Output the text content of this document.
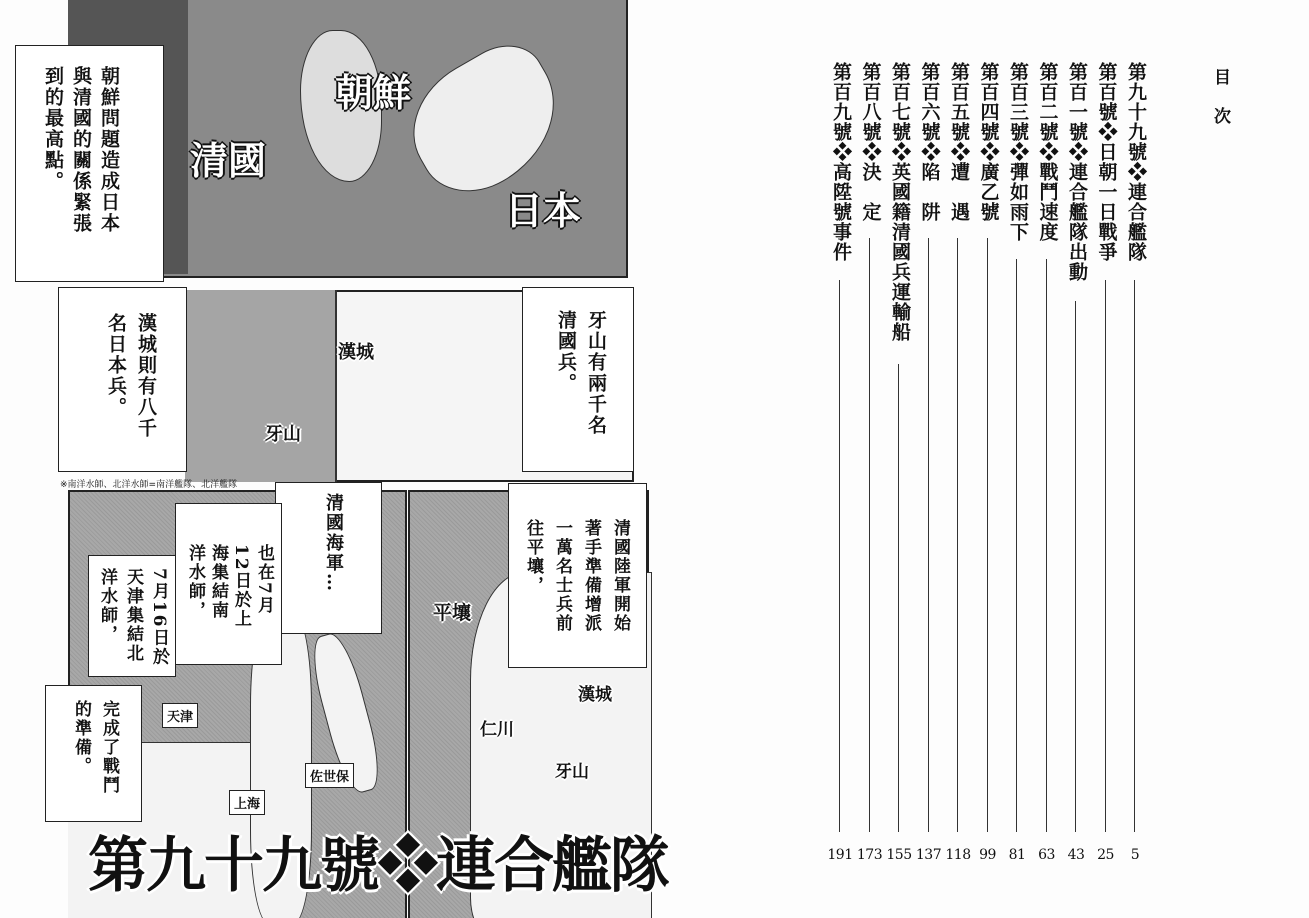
清國
朝鮮
日本
朝鮮問題造成日本
與清國的關係緊張
到的最高點。
漢城
牙山
漢城則有八千
名日本兵。	牙山有兩千名
清國兵。
※南洋水師、北洋水師=南洋艦隊、北洋艦隊
清國海軍…
也在7月
12日於上
海集結南
洋水師，
7月16日於
天津集結北
洋水師，
完成了戰鬥
的準備。	天津
佐世保
上海
清國陸軍開始
著手準備增派
一萬名士兵前
往平壤，
平壤
漢城
仁川
牙山
第九十九號❖連合艦隊
目次
第九十九號❖連合艦隊
5
第百號❖日朝一日戰爭
25
第百一號❖連合艦隊出動
43
第百二號❖戰鬥速度
63
第百三號❖彈如雨下
81
第百四號❖廣乙號
99
第百五號❖遭　遇
118
第百六號❖陷　阱
137
第百七號❖英國籍清國兵運輸船
155
第百八號❖決　定
173
第百九號❖高陞號事件
191
